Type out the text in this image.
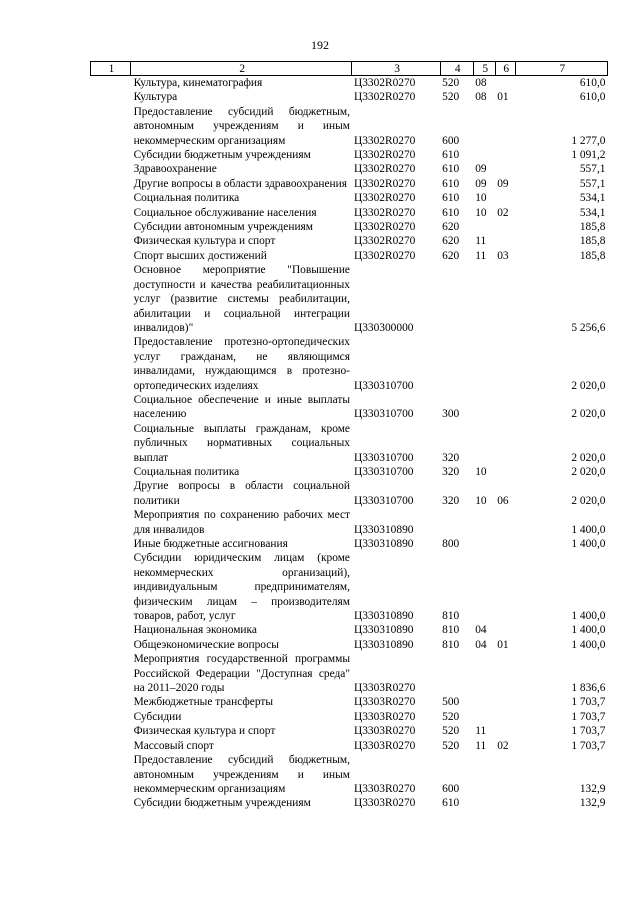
192
1	2	3	4	5	6	7
	Культура, кинематография	Ц3302R0270	520	08		610,0
	Культура	Ц3302R0270	520	08	01	610,0
	Предоставление субсидий бюджетным, автономным учреждениям и иным некоммерческим организациям	Ц3302R0270	600			1 277,0
	Субсидии бюджетным учреждениям	Ц3302R0270	610			1 091,2
	Здравоохранение	Ц3302R0270	610	09		557,1
	Другие вопросы в области здравоохранения	Ц3302R0270	610	09	09	557,1
	Социальная политика	Ц3302R0270	610	10		534,1
	Социальное обслуживание населения	Ц3302R0270	610	10	02	534,1
	Субсидии автономным учреждениям	Ц3302R0270	620			185,8
	Физическая культура и спорт	Ц3302R0270	620	11		185,8
	Спорт высших достижений	Ц3302R0270	620	11	03	185,8
	Основное мероприятие "Повышение доступности и качества реабилитационных услуг (развитие системы реабилитации, абилитации и социальной интеграции инвалидов)"	Ц330300000				5 256,6
	Предоставление протезно-ортопедических услуг гражданам, не являющимся инвалидами, нуждающимся в протезно-ортопедических изделиях	Ц330310700				2 020,0
	Социальное обеспечение и иные выплаты населению	Ц330310700	300			2 020,0
	Социальные выплаты гражданам, кроме публичных нормативных социальных выплат	Ц330310700	320			2 020,0
	Социальная политика	Ц330310700	320	10		2 020,0
	Другие вопросы в области социальной политики	Ц330310700	320	10	06	2 020,0
	Мероприятия по сохранению рабочих мест для инвалидов	Ц330310890				1 400,0
	Иные бюджетные ассигнования	Ц330310890	800			1 400,0
	Субсидии юридическим лицам (кроме некоммерческих организаций), индивидуальным предпринимателям, физическим лицам – производителям товаров, работ, услуг	Ц330310890	810			1 400,0
	Национальная экономика	Ц330310890	810	04		1 400,0
	Общеэкономические вопросы	Ц330310890	810	04	01	1 400,0
	Мероприятия государственной программы Российской Федерации "Доступная среда" на 2011–2020 годы	Ц3303R0270				1 836,6
	Межбюджетные трансферты	Ц3303R0270	500			1 703,7
	Субсидии	Ц3303R0270	520			1 703,7
	Физическая культура и спорт	Ц3303R0270	520	11		1 703,7
	Массовый спорт	Ц3303R0270	520	11	02	1 703,7
	Предоставление субсидий бюджетным, автономным учреждениям и иным некоммерческим организациям	Ц3303R0270	600			132,9
	Субсидии бюджетным учреждениям	Ц3303R0270	610			132,9
